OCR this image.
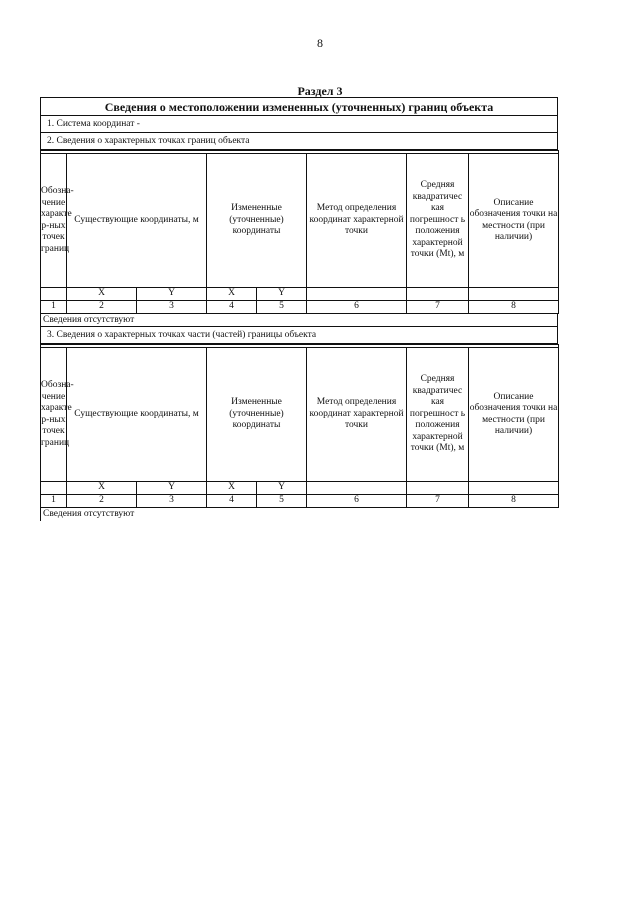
8
Раздел 3
Сведения о местоположении измененных (уточненных) границ объекта
1. Система координат -
2. Сведения о характерных точках границ объекта

Обозна-чение характе р-ных точек границ	Существующие координаты, м		Измененные (уточненные) координаты		Метод определения координат характерной точки	Средняя квадратичес кая погрешност ь положения характерной точки (Mt), м	Описание обозначения точки на местности (при наличии)
	X	Y	X	Y			
1	2	3	4	5	6	7	8
Сведения отсутствуют
3. Сведения о характерных точках части (частей) границы объекта

Обозна-чение характе р-ных точек границ	Существующие координаты, м		Измененные (уточненные) координаты		Метод определения координат характерной точки	Средняя квадратичес кая погрешност ь положения характерной точки (Mt), м	Описание обозначения точки на местности (при наличии)
	X	Y	X	Y			
1	2	3	4	5	6	7	8
Сведения отсутствуют
